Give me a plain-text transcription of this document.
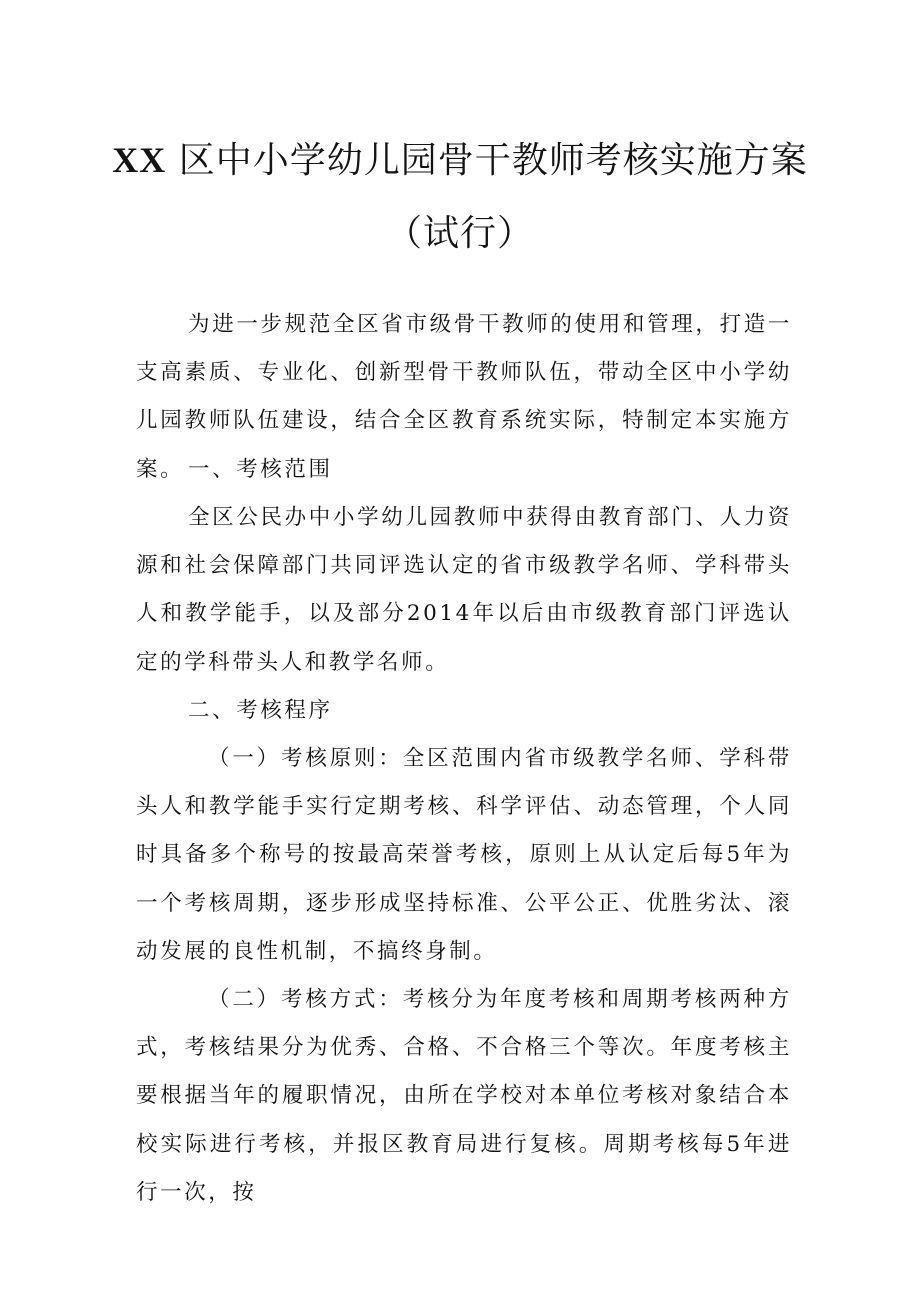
XX 区中小学幼儿园骨干教师考核实施方案
（试行）

为进一步规范全区省市级骨干教师的使用和管理，打造一支高素质、专业化、创新型骨干教师队伍，带动全区中小学幼儿园教师队伍建设，结合全区教育系统实际，特制定本实施方案。 一、考核范围

全区公民办中小学幼儿园教师中获得由教育部门、人力资源和社会保障部门共同评选认定的省市级教学名师、学科带头人和教学能手，以及部分2014年以后由市级教育部门评选认定的学科带头人和教学名师。

二、考核程序

（一）考核原则：全区范围内省市级教学名师、学科带头人和教学能手实行定期考核、科学评估、动态管理，个人同时具备多个称号的按最高荣誉考核，原则上从认定后每5年为一个考核周期，逐步形成坚持标准、公平公正、优胜劣汰、滚动发展的良性机制，不搞终身制。

（二）考核方式：考核分为年度考核和周期考核两种方式，考核结果分为优秀、合格、不合格三个等次。年度考核主要根据当年的履职情况，由所在学校对本单位考核对象结合本校实际进行考核，并报区教育局进行复核。周期考核每5年进行一次，按
